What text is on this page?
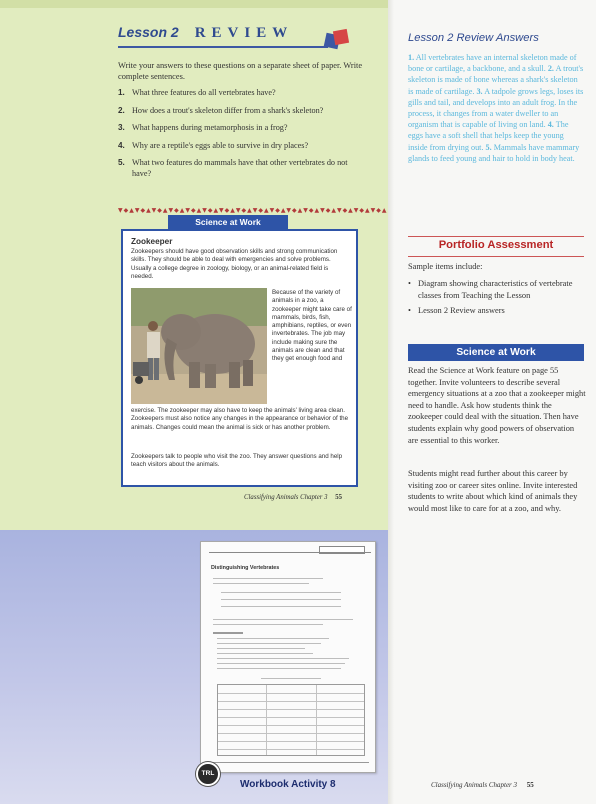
Lesson 2 REVIEW

Write your answers to these questions on a separate sheet of paper. Write complete sentences.

1. What three features do all vertebrates have?
2. How does a trout's skeleton differ from a shark's skeleton?
3. What happens during metamorphosis in a frog?
4. Why are a reptile's eggs able to survive in dry places?
5. What two features do mammals have that other vertebrates do not have?
▼◆▲▼◆▲▼◆▲▼◆▲▼◆▲▼◆▲▼◆▲▼◆▲▼◆▲▼◆▲▼◆▲▼◆▲▼◆▲▼◆▲▼◆▲▼◆▲
Science at Work
Zookeeper

Zookeepers should have good observation skills and strong communication skills. They should be able to deal with emergencies and solve problems. Usually a college degree in zoology, biology, or an animal-related field is needed.

Because of the variety of animals in a zoo, a zookeeper might take care of mammals, birds, fish, amphibians, reptiles, or even invertebrates. The job may include making sure the animals are clean and that they get enough food and

exercise. The zookeeper may also have to keep the animals' living area clean. Zookeepers must also notice any changes in the appearance or behavior of the animals. Changes could mean the animal is sick or has another problem.

Zookeepers talk to people who visit the zoo. They answer questions and help teach visitors about the animals.

Classifying Animals Chapter 3 55
Distinguishing Vertebrates
TRL
Workbook Activity 8
Lesson 2 Review Answers

1. All vertebrates have an internal skeleton made of bone or cartilage, a backbone, and a skull. 2. A trout's skeleton is made of bone whereas a shark's skeleton is made of cartilage. 3. A tadpole grows legs, loses its gills and tail, and develops into an adult frog. In the process, it changes from a water dweller to an organism that is capable of living on land. 4. The eggs have a soft shell that helps keep the young inside from drying out. 5. Mammals have mammary glands to feed young and hair to hold in body heat.

Portfolio Assessment
Sample items include:
• Diagram showing characteristics of vertebrate classes from Teaching the Lesson
• Lesson 2 Review answers
Science at Work

Read the Science at Work feature on page 55 together. Invite volunteers to describe several emergency situations at a zoo that a zookeeper might need to handle. Ask how students think the zookeeper could deal with the situation. Then have students explain why good powers of observation are essential to this worker.

Students might read further about this career by visiting zoo or career sites online. Invite interested students to write about which kind of animals they would most like to care for at a zoo, and why.

Classifying Animals Chapter 3 55
